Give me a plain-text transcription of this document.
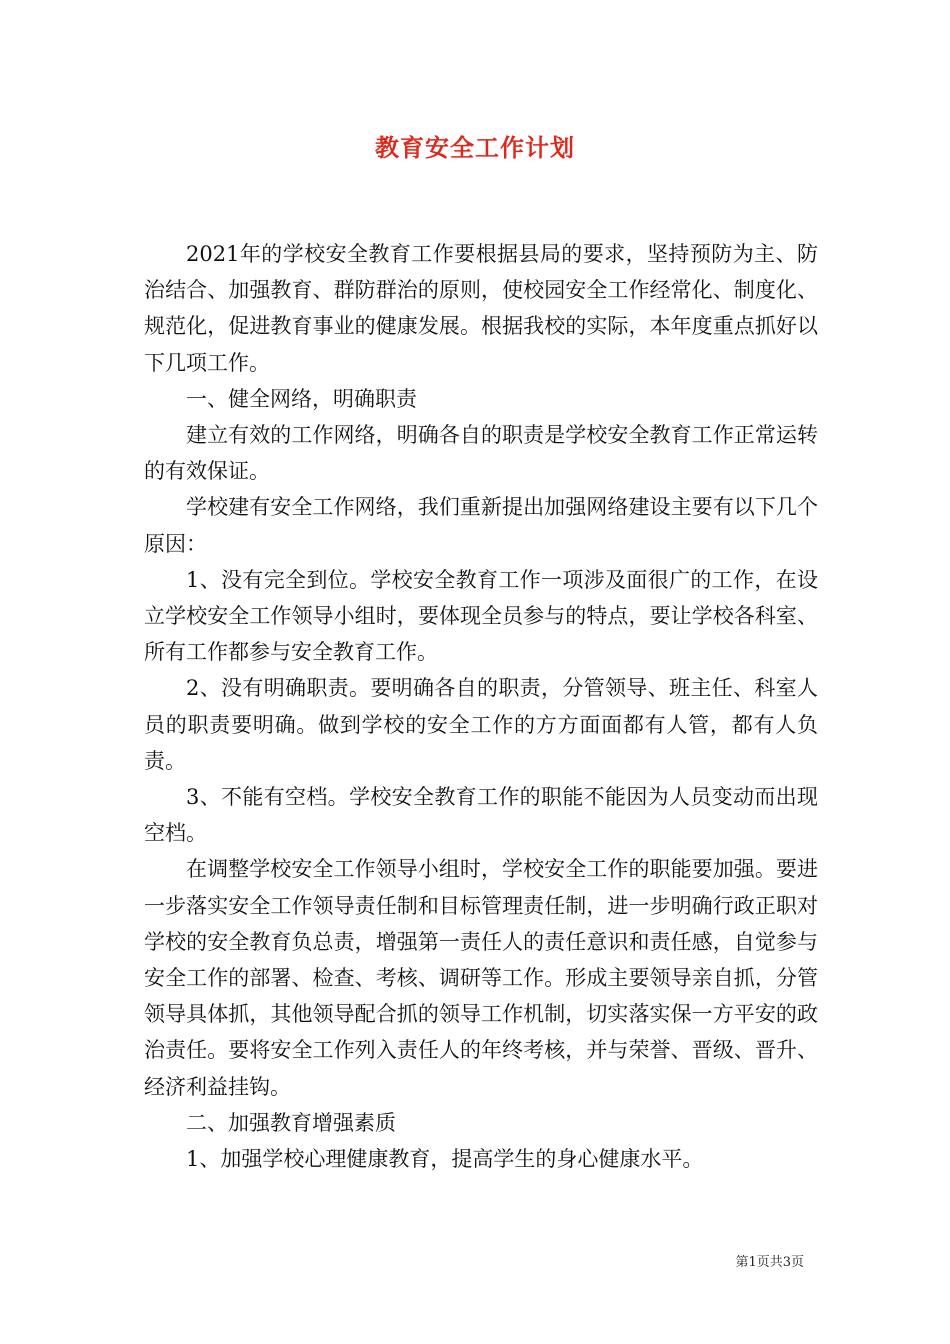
教育安全工作计划

2021年的学校安全教育工作要根据县局的要求，坚持预防为主、防治结合、加强教育、群防群治的原则，使校园安全工作经常化、制度化、规范化，促进教育事业的健康发展。根据我校的实际，本年度重点抓好以下几项工作。

一、健全网络，明确职责

建立有效的工作网络，明确各自的职责是学校安全教育工作正常运转的有效保证。

学校建有安全工作网络，我们重新提出加强网络建设主要有以下几个原因：

1、没有完全到位。学校安全教育工作一项涉及面很广的工作，在设立学校安全工作领导小组时，要体现全员参与的特点，要让学校各科室、所有工作都参与安全教育工作。

2、没有明确职责。要明确各自的职责，分管领导、班主任、科室人员的职责要明确。做到学校的安全工作的方方面面都有人管，都有人负责。

3、不能有空档。学校安全教育工作的职能不能因为人员变动而出现空档。

在调整学校安全工作领导小组时，学校安全工作的职能要加强。要进一步落实安全工作领导责任制和目标管理责任制，进一步明确行政正职对学校的安全教育负总责，增强第一责任人的责任意识和责任感，自觉参与安全工作的部署、检查、考核、调研等工作。形成主要领导亲自抓，分管领导具体抓，其他领导配合抓的领导工作机制，切实落实保一方平安的政治责任。要将安全工作列入责任人的年终考核，并与荣誉、晋级、晋升、经济利益挂钩。

二、加强教育增强素质

1、加强学校心理健康教育，提高学生的身心健康水平。

第1页共3页
